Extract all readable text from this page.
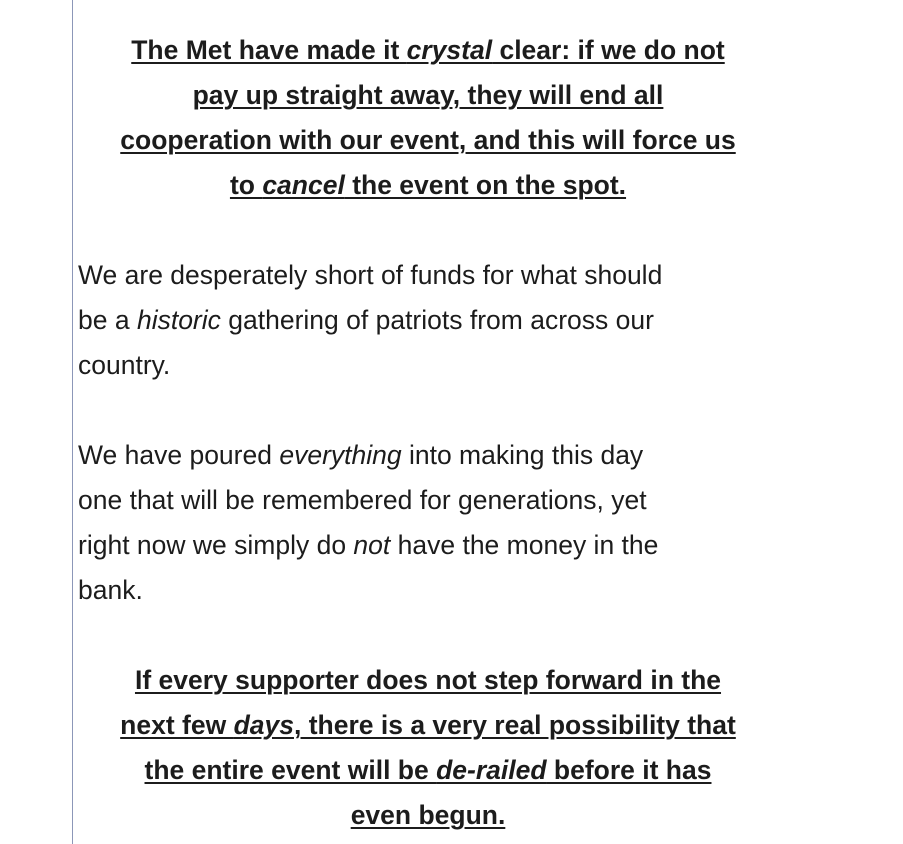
The Met have made it crystal clear: if we do not
pay up straight away, they will end all
cooperation with our event, and this will force us
to cancel the event on the spot.

We are desperately short of funds for what should
be a historic gathering of patriots from across our
country.

We have poured everything into making this day
one that will be remembered for generations, yet
right now we simply do not have the money in the
bank.

If every supporter does not step forward in the
next few days, there is a very real possibility that
the entire event will be de-railed before it has
even begun.
